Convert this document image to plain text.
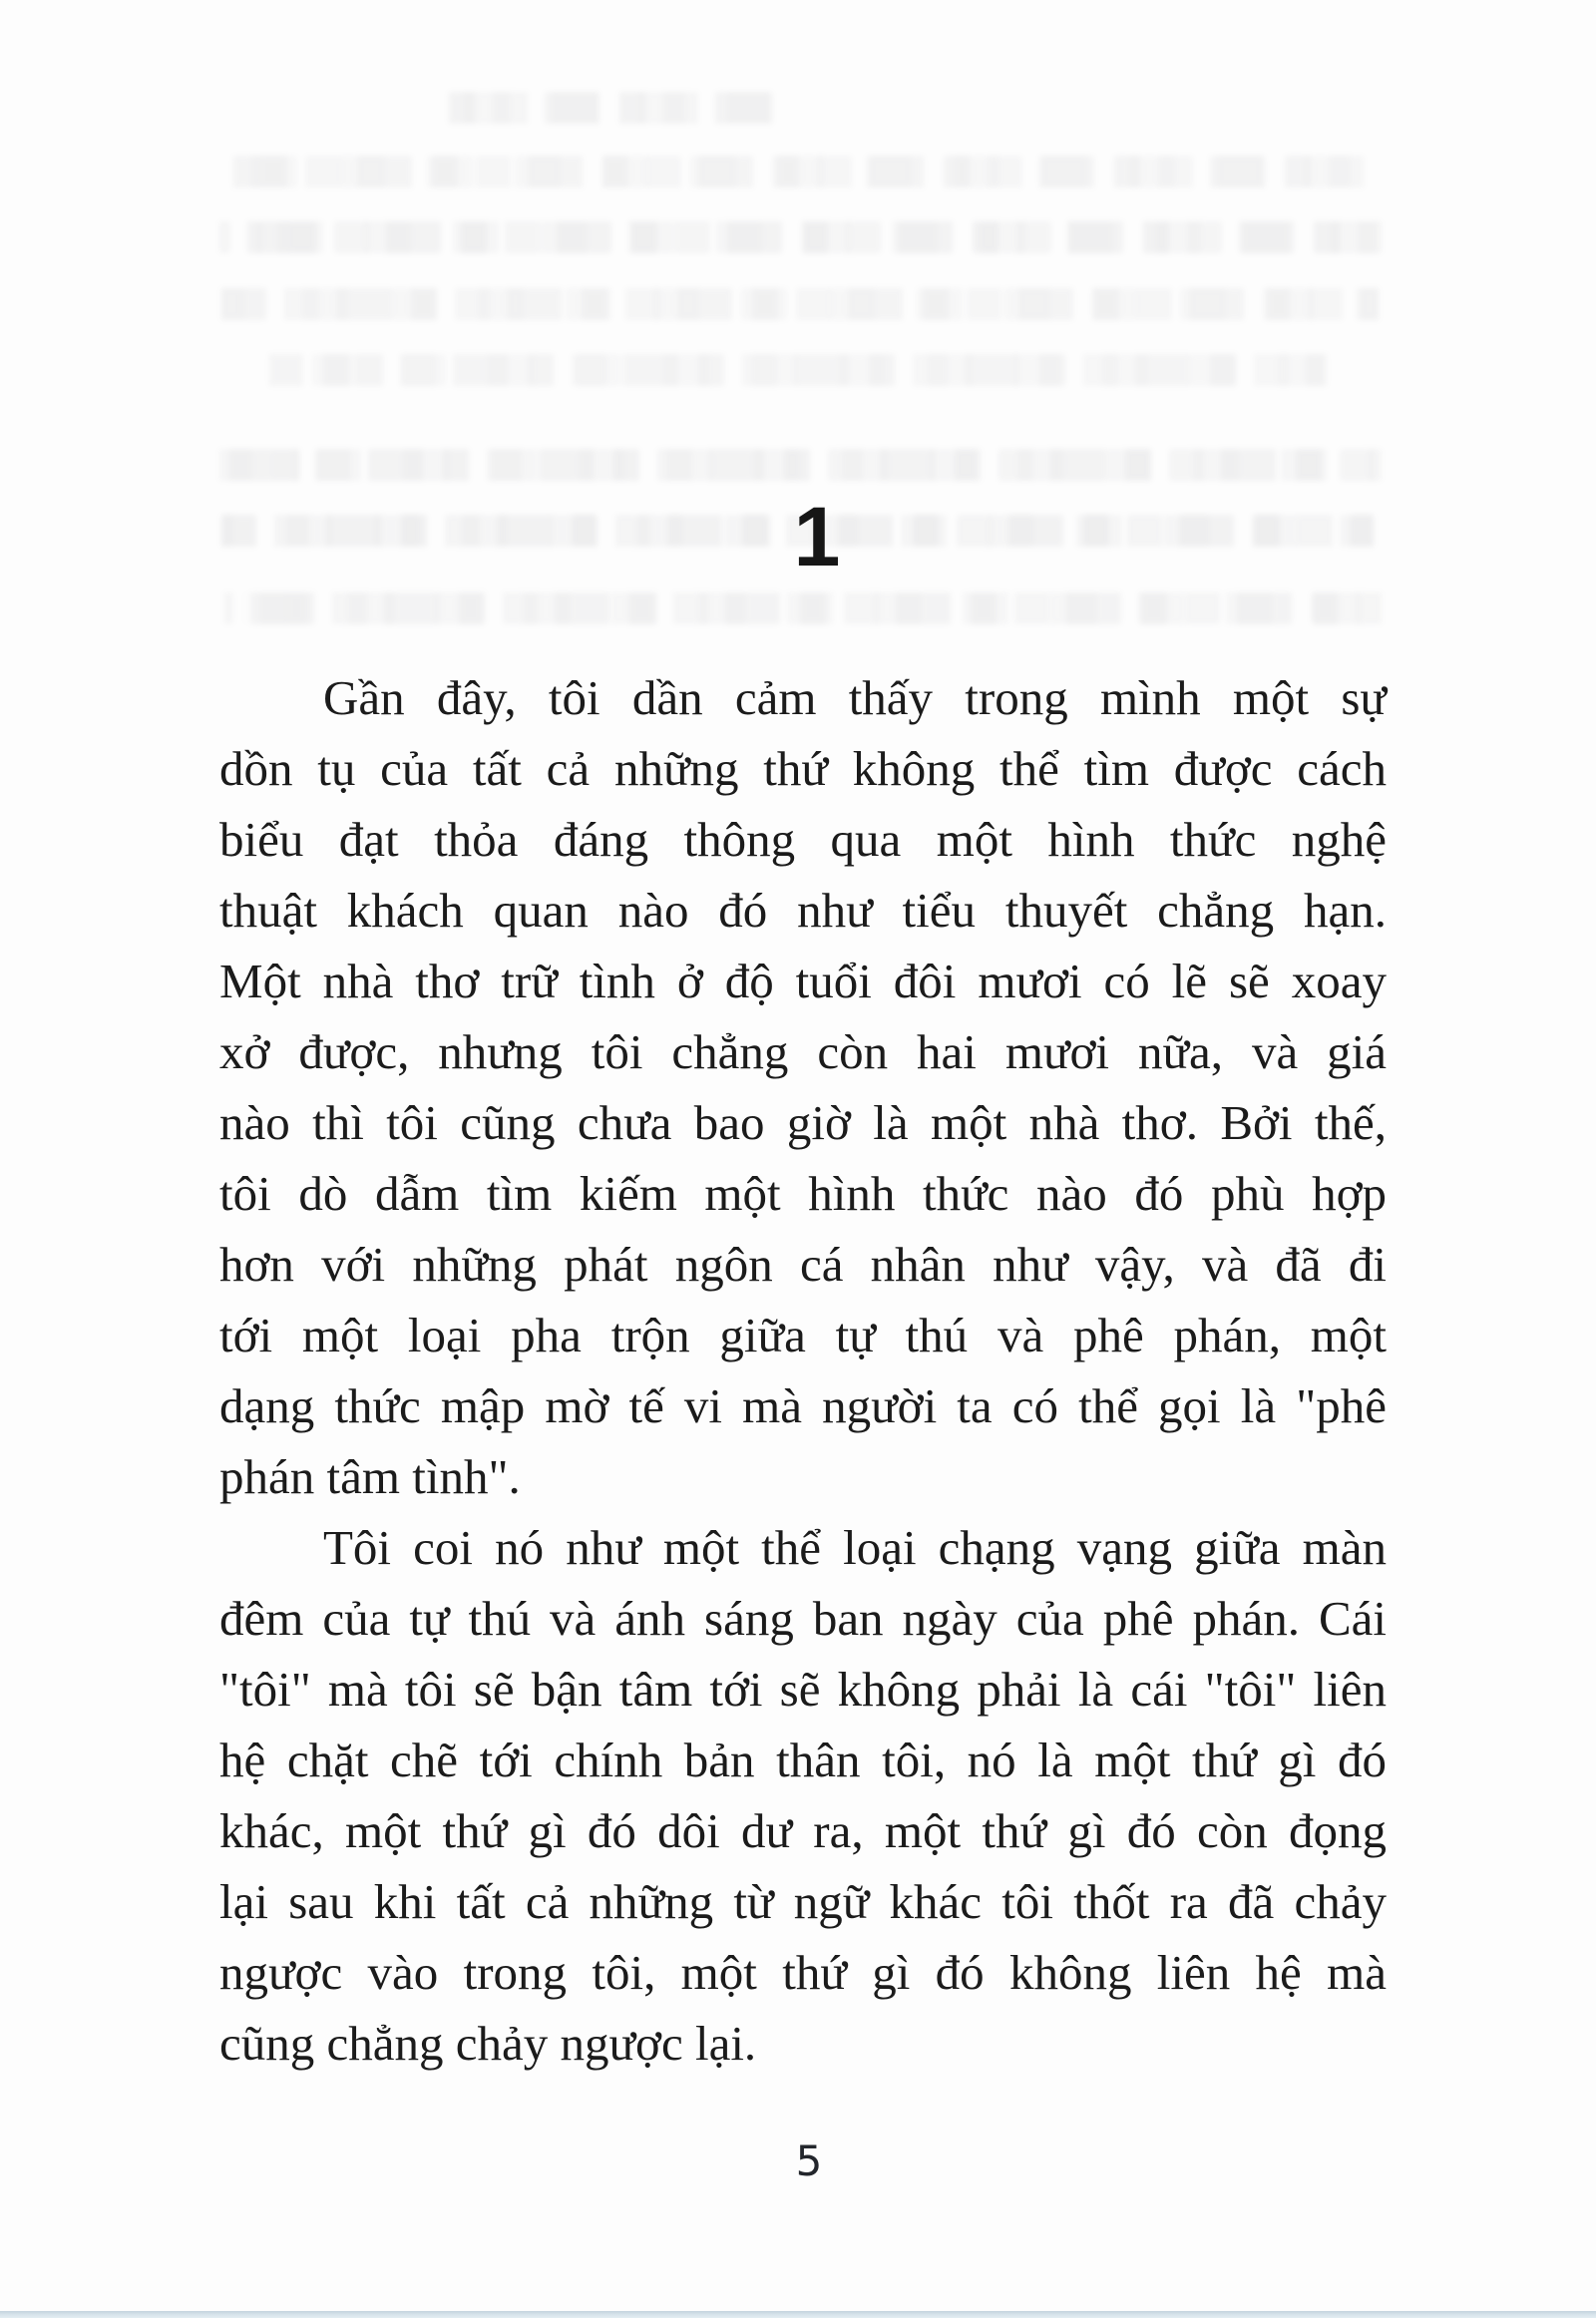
1
Gần đây, tôi dần cảm thấy trong mình một sự
dồn tụ của tất cả những thứ không thể tìm được cách
biểu đạt thỏa đáng thông qua một hình thức nghệ
thuật khách quan nào đó như tiểu thuyết chẳng hạn.
Một nhà thơ trữ tình ở độ tuổi đôi mươi có lẽ sẽ xoay
xở được, nhưng tôi chẳng còn hai mươi nữa, và giá
nào thì tôi cũng chưa bao giờ là một nhà thơ. Bởi thế,
tôi dò dẫm tìm kiếm một hình thức nào đó phù hợp
hơn với những phát ngôn cá nhân như vậy, và đã đi
tới một loại pha trộn giữa tự thú và phê phán, một
dạng thức mập mờ tế vi mà người ta có thể gọi là "phê
phán tâm tình".
Tôi coi nó như một thể loại chạng vạng giữa màn
đêm của tự thú và ánh sáng ban ngày của phê phán. Cái
"tôi" mà tôi sẽ bận tâm tới sẽ không phải là cái "tôi" liên
hệ chặt chẽ tới chính bản thân tôi, nó là một thứ gì đó
khác, một thứ gì đó dôi dư ra, một thứ gì đó còn đọng
lại sau khi tất cả những từ ngữ khác tôi thốt ra đã chảy
ngược vào trong tôi, một thứ gì đó không liên hệ mà
cũng chẳng chảy ngược lại.
5
